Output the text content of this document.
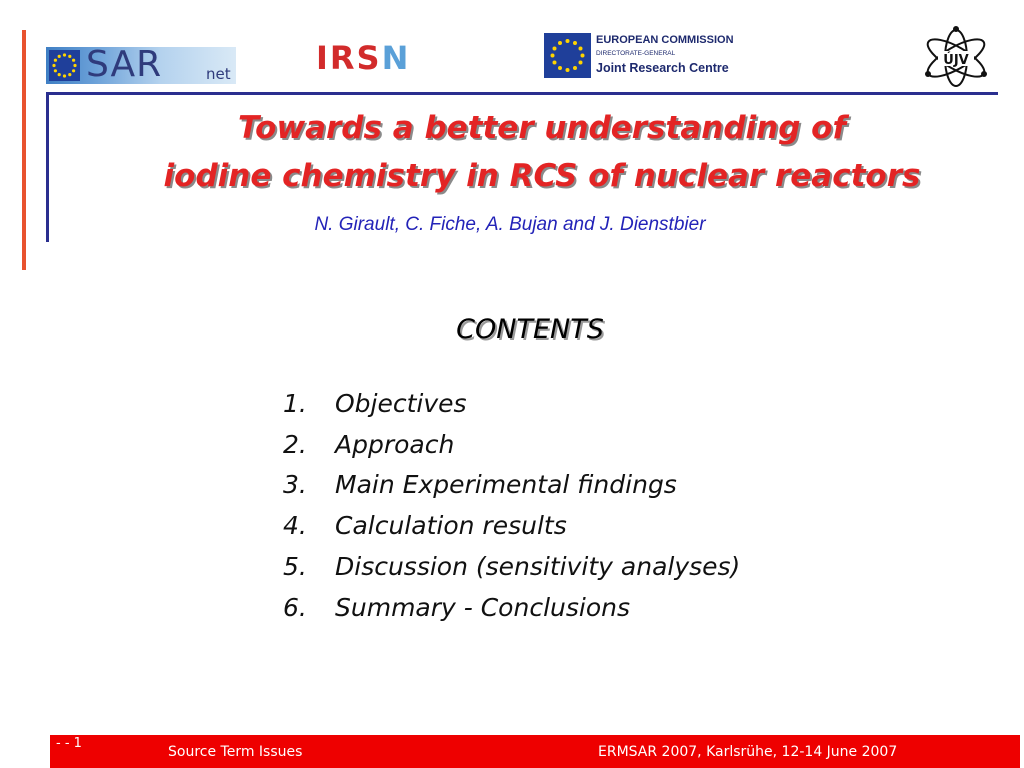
SAR	net	IRSN	EUROPEAN COMMISSION
DIRECTORATE-GENERAL
Joint Research Centre	ÚJV
Towards a better understanding of
iodine chemistry in RCS of nuclear reactors
N. Girault, C. Fiche, A. Bujan and J. Dienstbier
CONTENTS
1. Objectives
2. Approach
3. Main Experimental findings
4. Calculation results
5. Discussion (sensitivity analyses)
6. Summary - Conclusions
- - 1
Source Term Issues	ERMSAR 2007, Karlsrühe, 12-14 June 2007
